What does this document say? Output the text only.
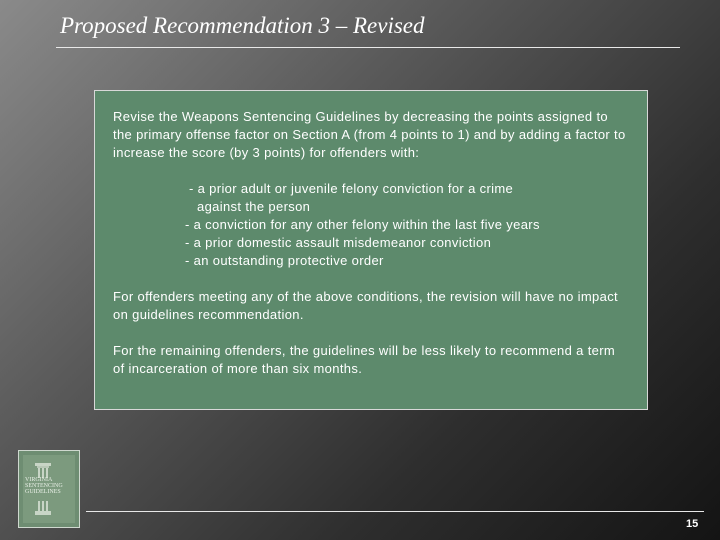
Proposed Recommendation 3 – Revised

Revise the Weapons Sentencing Guidelines by decreasing the points assigned to the primary offense factor on Section A (from 4 points to 1) and by adding a factor to increase the score (by 3 points) for offenders with:

- a prior adult or juvenile felony conviction for a crime
against the person
- a conviction for any other felony within the last five years
- a prior domestic assault misdemeanor conviction
- an outstanding protective order

For offenders meeting any of the above conditions, the revision will have no impact on guidelines recommendation.

For the remaining offenders, the guidelines will be less likely to recommend a term of incarceration of more than six months.

VIRGINIA
SENTENCING
GUIDELINES
15
